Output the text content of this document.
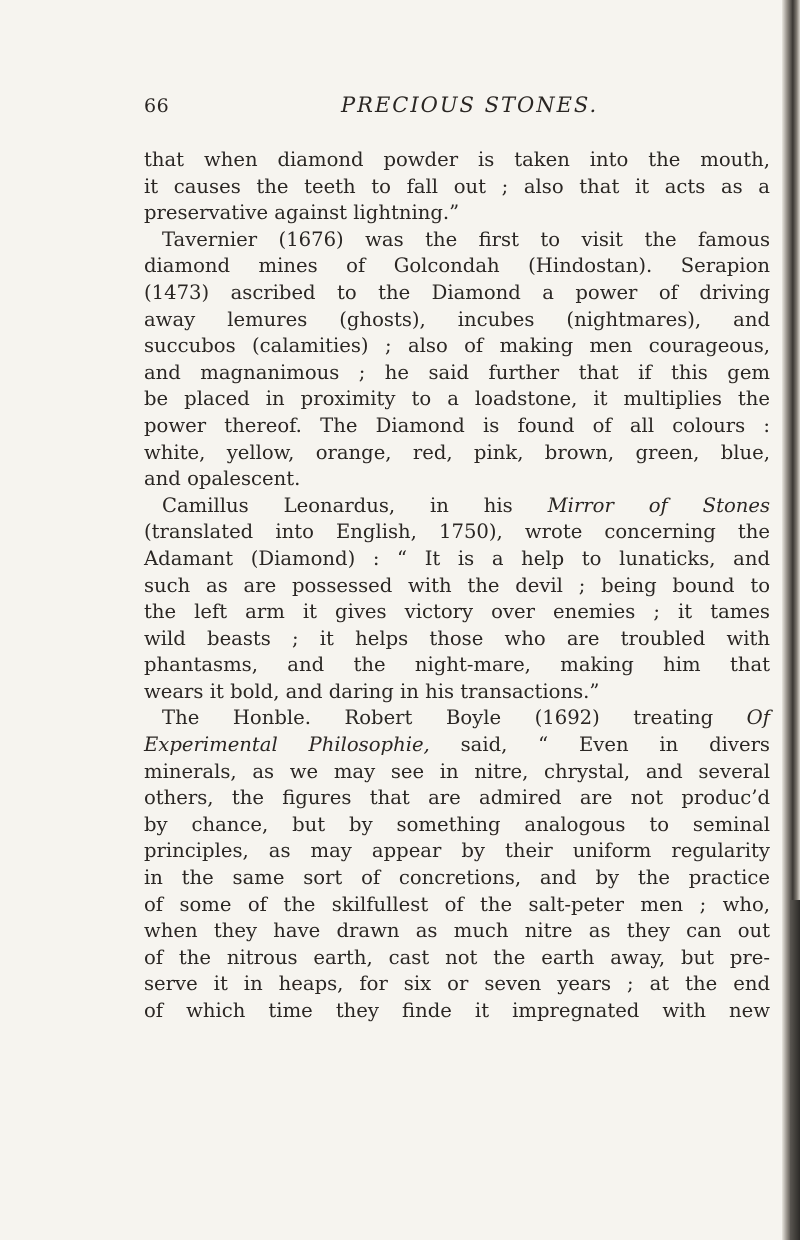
66	PRECIOUS STONES.
that when diamond powder is taken into the mouth,
it causes the teeth to fall out ; also that it acts as a
preservative against lightning.”
Tavernier (1676) was the first to visit the famous
diamond mines of Golcondah (Hindostan). Serapion
(1473) ascribed to the Diamond a power of driving
away lemures (ghosts), incubes (nightmares), and
succubos (calamities) ; also of making men courageous,
and magnanimous ; he said further that if this gem
be placed in proximity to a loadstone, it multiplies the
power thereof. The Diamond is found of all colours :
white, yellow, orange, red, pink, brown, green, blue,
and opalescent.
Camillus Leonardus, in his Mirror of Stones
(translated into English, 1750), wrote concerning the
Adamant (Diamond) : “ It is a help to lunaticks, and
such as are possessed with the devil ; being bound to
the left arm it gives victory over enemies ; it tames
wild beasts ; it helps those who are troubled with
phantasms, and the night-mare, making him that
wears it bold, and daring in his transactions.”
The Honble. Robert Boyle (1692) treating Of
Experimental Philosophie, said, “ Even in divers
minerals, as we may see in nitre, chrystal, and several
others, the figures that are admired are not produc’d
by chance, but by something analogous to seminal
principles, as may appear by their uniform regularity
in the same sort of concretions, and by the practice
of some of the skilfullest of the salt-peter men ; who,
when they have drawn as much nitre as they can out
of the nitrous earth, cast not the earth away, but pre-
serve it in heaps, for six or seven years ; at the end
of which time they finde it impregnated with new
